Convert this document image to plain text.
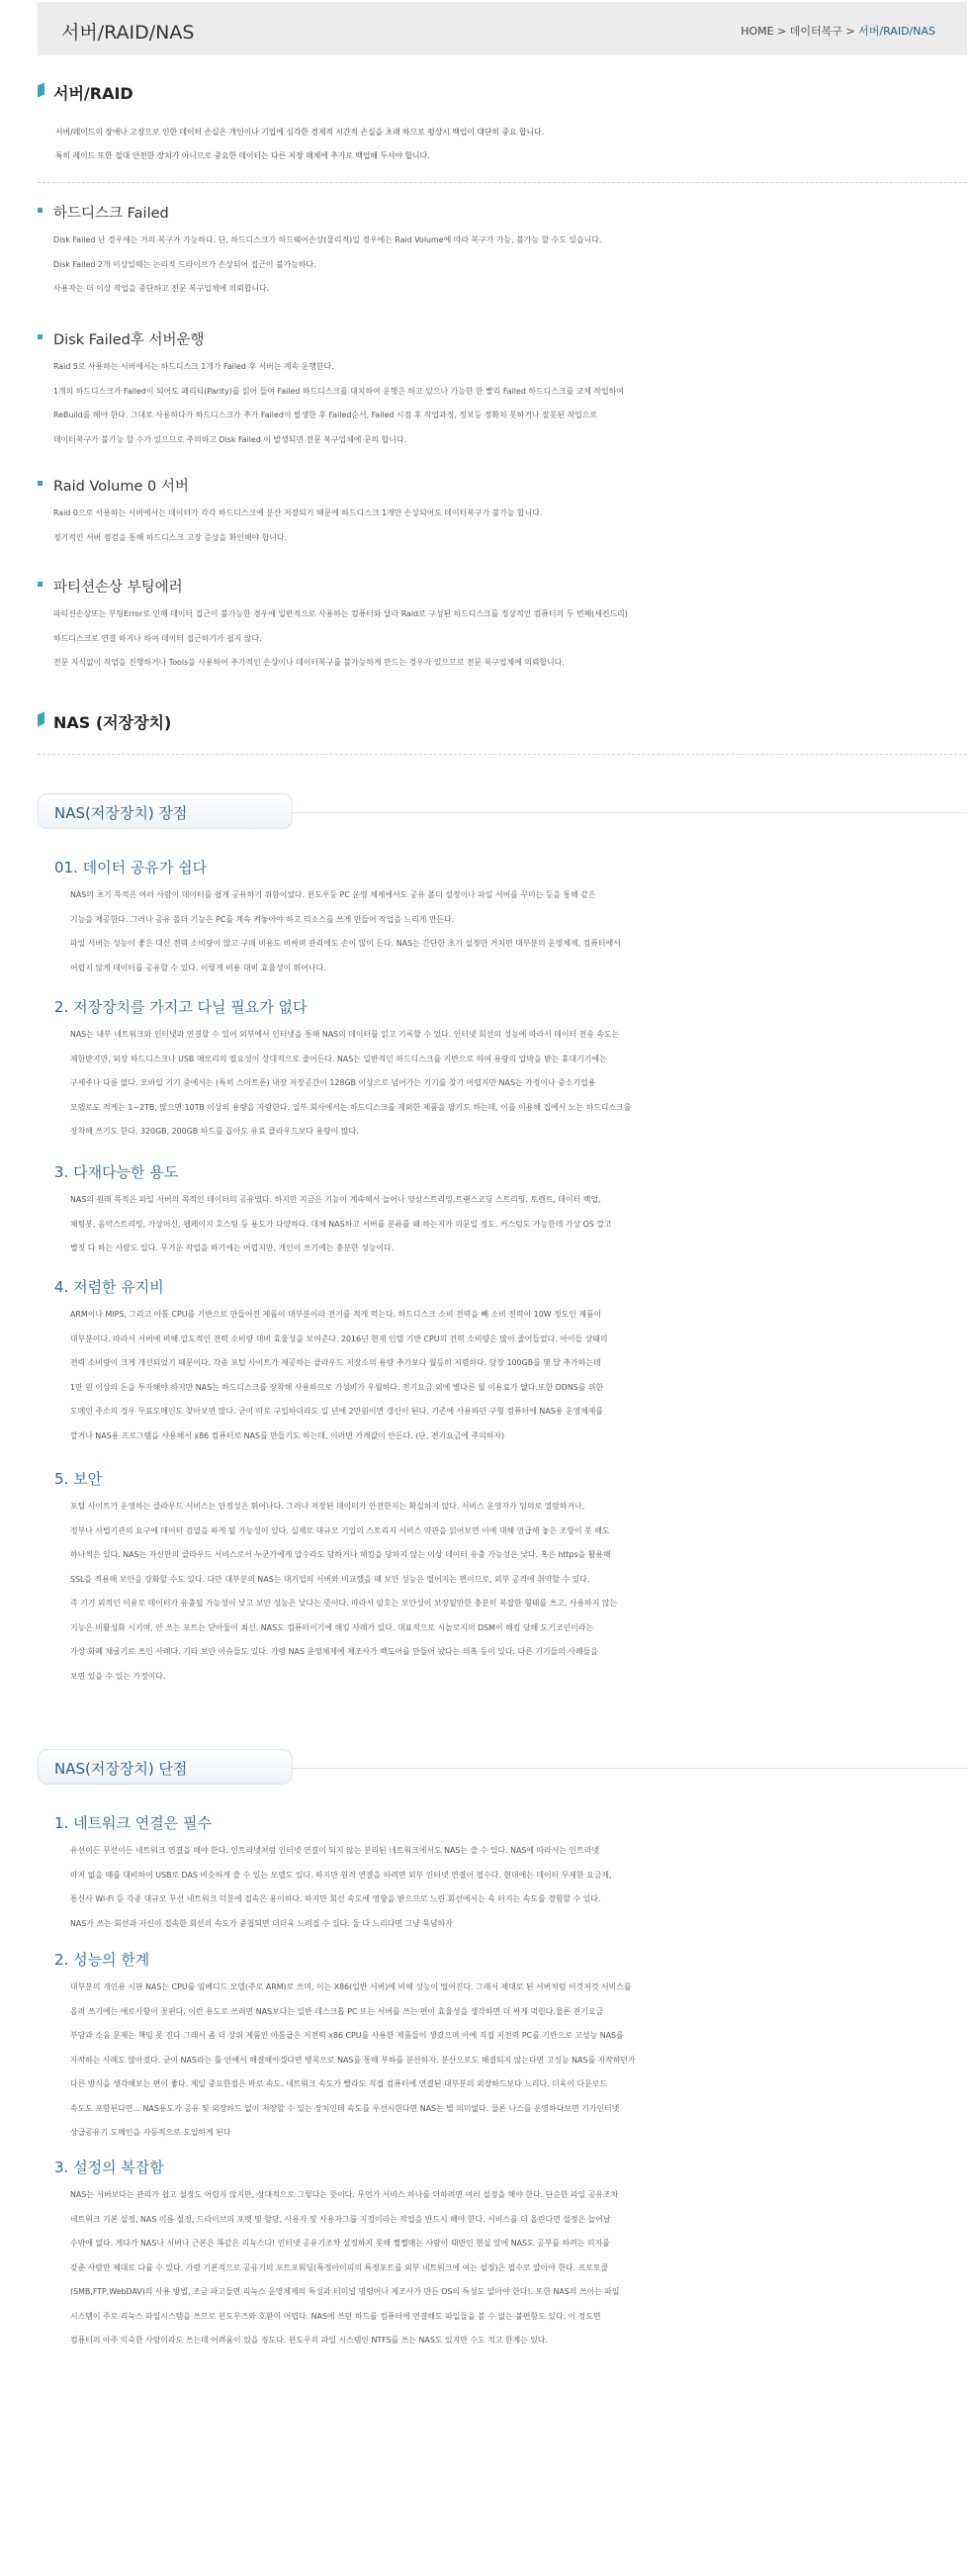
서버/RAID/NAS	HOME > 데이터복구 > 서버/RAID/NAS
서버/RAID
서버/레이드의 장애나 고장으로 인한 데이터 손실은 개인이나 기업에 심각한 경제적 시간적 손실을 초래 하므로 평상시 백업이 대단히 중요 합니다.
특히 레이드 또한 절대 안전한 장치가 아니므로 중요한 데이터는 다른 저장 매체에 추가로 백업해 두셔야 합니다.
하드디스크 Failed
Disk Failed 난 경우에는 거의 복구가 가능하다. 단, 하드디스크가 하드웨어손상(물리적)일 경우에는 Raid Volume에 따라 복구가 가능, 불가능 할 수도 있습니다.
Disk Failed 2개 이상일때는 논리적 드라이브가 손상되어 접근이 불가능하다.
사용자는 더 이상 작업을 중단하고 전문 복구업체에 의뢰합니다.
Disk Failed후 서버운행
Raid 5로 사용하는 서버에서는 하드디스크 1개가 Failed 후 서버는 계속 운행한다.
1개의 하드디스크가 Failed이 되어도 패리티(Parity)를 읽어 들여 Failed 하드디스크를 대치하여 운행은 하고 있으나 가능한 한 빨리 Failed 하드디스크를 교체 작업하여
ReBuild를 해야 한다. 그대로 사용하다가 하드디스크가 추가 Failed이 발생한 후 Failed순서, Failed 시점 후 작업과정, 정보등 정확치 못하거나 잘못된 작업으로
데이터복구가 불가능 할 수가 있으므로 주의하고 Disk Failed 이 발생되면 전문 복구업체에 문의 합니다.
Raid Volume 0 서버
Raid 0으로 사용하는 서버에서는 데이터가 각각 하드디스크에 분산 저장되기 때문에 하드디스크 1개만 손상되어도 데이터복구가 불가능 합니다.
정기적인 서버 점검을 통해 하드디스크 고장 증상을 확인해야 합니다.
파티션손상 부팅에러
파티션손상또는 부팅Error로 인해 데이터 접근이 불가능한 경우에 일반적으로 사용하는 컴퓨터와 달라 Raid로 구성된 하드디스크를 정상적인 컴퓨터의 두 번째(세컨드리)
하드디스크로 연결 하거나 하여 데이터 접근하기가 쉽지 않다.
전문 지식없이 작업을 진행하거나 Tools을 사용하여 추가적인 손상이나 데이터복구를 불가능하게 만드는 경우가 있으므로 전문 복구업체에 의뢰합니다.
NAS (저장장치)
NAS(저장장치) 장점
01. 데이터 공유가 쉽다
NAS의 초기 목적은 여러 사람이 데이터를 쉽게 공유하기 위함이었다. 윈도우등 PC 운영 체제에서도 공유 폴더 설정이나 파일 서버를 꾸미는 등을 통해 같은
기능을 제공한다. 그러나 공유 폴더 기능은 PC를 계속 켜놓아야 하고 리소스를 쓰게 만들어 작업을 느리게 만든다.
파일 서버는 성능이 좋은 대신 전력 소비량이 많고 구매 비용도 비싸며 관리에도 손이 많이 든다. NAS는 간단한 초기 설정만 거치면 대부분의 운영체제, 컴퓨터에서
어렵지 않게 데이터를 공유할 수 있다. 이렇게 비용 대비 효율성이 뛰어나다.
2. 저장장치를 가지고 다닐 필요가 없다
NAS는 내부 네트워크와 인터넷과 연결할 수 있어 외부에서 인터넷을 통해 NAS의 데이터를 읽고 기록할 수 있다. 인터넷 회선의 성능에 따라서 데이터 전송 속도는
제한받지만, 외장 하드디스크나 USB 메모리의 필요성이 상대적으로 줄어든다. NAS는 일반적인 하드디스크를 기반으로 하여 용량의 압박을 받는 휴대기기에는
구세주나 다름 없다. 모바일 기기 중에서는 (특히 스마트폰) 내장 저장공간이 128GB 이상으로 넘어가는 기기를 찾기 어렵지만 NAS는 가정이나 중소기업용
모델로도 적게는 1~2TB, 많으면 10TB 이상의 용량을 자랑한다. 일부 회사에서는 하드디스크를 제외한 제품을 팔기도 하는데, 이를 이용해 집에서 노는 하드디스크를
장착해 쓰기도 한다. 320GB, 200GB 하드를 꼽아도 유료 클라우드보다 용량이 많다.
3. 다재다능한 용도
NAS의 원래 목적은 파일 서버의 목적인 데이터의 공유였다. 하지만 지금은 기능이 계속해서 늘어나 영상스트리밍,트랜스코딩 스트리밍. 토렌트, 데이터 백업,
채팅봇, 음악스트리밍, 가상머신, 웹페이지 호스팅 등 용도가 다양하다. 대체 NAS하고 서버를 분류를 왜 하는지가 의문일 정도. 커스텀도 가능한데 가상 OS 깔고
별짓 다 하는 사람도 있다. 무거운 작업을 하기에는 어렵지만, 개인이 쓰기에는 충분한 성능이다.
4. 저렴한 유지비
ARM이나 MIPS, 그리고 아톰 CPU를 기반으로 만들어진 제품이 대부분이라 전기를 적게 먹는다. 하드디스크 소비 전력을 빼 소비 전력이 10W 정도인 제품이
대부분이다. 따라서 서버에 비해 압도적인 전력 소비량 대비 효율성을 보여준다. 2016년 현재 인텔 기반 CPU의 전력 소비량은 많이 줄어들었다. 아이들 상태의
전력 소비량이 크게 개선되었기 때문이다. 각종 포털 사이트가 제공하는 클라우드 저장소의 용량 추가보다 월등히 저렴하다. 당장 100GB를 몇 달 추가하는데
1만 원 이상의 돈을 투자해야 하지만 NAS는 하드디스크를 장착해 사용하므로 가성비가 우월하다. 전기요금 외에 별다른 월 이용료가 없다.또한 DDNS를 위한
도메인 주소의 경우 무료도메인도 찾아보면 많다. 굳이 따로 구입하더라도 일 년에 2만원이면 갱신이 된다. 기존에 사용하던 구형 컴퓨터에 NAS용 운영체제를
깔거나 NAS용 프로그램을 사용해서 x86 컴퓨터로 NAS를 만들기도 하는데, 이러면 가계값이 안든다. (단, 전기요금에 주의하자)
5. 보안
포털 사이트가 운영하는 클라우드 서비스는 안정성은 뛰어나다. 그러나 저장된 데이터가 안전한지는 확실하지 않다. 서비스 운영자가 임의로 열람하거나,
정부나 사법기관의 요구에 데이터 검열을 하게 될 가능성이 있다. 실제로 대규모 기업의 스토리지 서비스 약관을 읽어보면 이에 대해 언급해 놓은 조항이 못 해도
하나씩은 있다. NAS는 자신만의 클라우드 서비스로서 누군가에게 압수라도 당하거나 해킹을 당하지 않는 이상 데이터 유출 가능성은 낮다. 혹은 https을 활용해
SSL을 적용해 보안을 강화할 수도 있다. 다만 대부분의 NAS는 대기업의 서버와 비교했을 때 보안 성능은 떨어지는 편이므로, 외부 공격에 취약할 수 있다.
즉 기기 외적인 이유로 데이터가 유출될 가능성이 낮고 보안 성능은 낮다는 뜻이다. 따라서 암호는 보안성이 보장될만한 충분히 복잡한 형태를 쓰고, 사용하지 않는
기능은 비활성화 시키며, 안 쓰는 포트는 닫아둘이 최선. NAS도 컴퓨터이기에 해킹 사례가 있다. 대표적으로 시놀로지의 DSM이 해킹 당해 도기코인이라는
가상 화폐 채굴기로 쓰인 사례다. 기타 보안 이슈들도 있다. 가령 NAS 운영체제에 제조사가 백도어를 만들어 놨다는 의혹 등이 있다. 다른 기기들의 사례들을
보면 있을 수 있는 가정이다.
NAS(저장장치) 단점
1. 네트워크 연결은 필수
유선이든 무선이든 네트워크 연결을 해야 한다. 인트라넷처럼 인터넷 연결이 되지 않는 분리된 네트워크에서도 NAS는 쓸 수 있다. NAS에 따라서는 인트라넷
마저 없을 때를 대비하여 USB로 DAS 비슷하게 쓸 수 있는 모델도 있다. 하지만 원격 연결을 하려면 외부 인터넷 연결이 필수다. 현대에는 데이터 무제한 요금제,
통신사 Wi-Fi 등 각종 대규모 무선 네트워크 덕분에 접속은 용이하다. 하지만 회선 속도에 영향을 받으므로 느린 회선에서는 속 터지는 속도를 경험할 수 있다.
NAS가 쓰는 회선과 자신이 접속한 회선의 속도가 중첩되면 더더욱 느려질 수 있다. 둘 다 느리다면 그냥 묵념하자
2. 성능의 한계
대부분의 개인용 시판 NAS는 CPU를 임베디드 모델(주로 ARM)로 쓰며, 이는 X86(일반 서버)에 비해 성능이 떨어진다. 그래서 제대로 된 서버처럼 이것저것 서비스를
올려 쓰기에는 애로사항이 꽃핀다. 이런 용도로 쓰려면 NAS보다는 일반 데스크톱 PC 또는 서버를 쓰는 편이 효율성을 생각하면 더 싸게 먹힌다.물론 전기요금
부담과 소음 문제는 책임 못 진다 그래서 좀 더 상위 제품인 아톰급은 저전력 x86 CPU를 사용한 제품들이 생겼으며 아예 직접 저전력 PC를 기반으로 고성능 NAS를
자작하는 사례도 많아졌다. 굳이 NAS라는 틀 안에서 해결해야겠다면 병목으로 NAS를 통해 부하를 분산하자. 분산으로도 해결되지 않는다면 고성능 NAS를 자작하던가
다른 방식을 생각해보는 편이 좋다. 제일 중요한점은 바로 속도. 네트워크 속도가 빨라도 직접 컴퓨터에 연결된 대부분의 외장하드보다 느리다. 더욱이 다운로드
속도도 포함된다면... NAS용도가 공유 및 외장하드 없이 저장할 수 있는 장치인데 속도를 우선시한다면 NAS는 별 의미없다. 물론 나스를 운영하다보면 기가인터넷
상급공유기 도메인을 자동적으로 도입하게 된다
3. 설정의 복잡함
NAS는 서버보다는 관리가 쉽고 설정도 어렵지 않지만, 상대적으로 그렇다는 뜻이다. 무언가 서비스 하나를 더하려면 여러 설정을 해야 한다. 단순한 파일 공유조차
네트워크 기본 설정, NAS 이름 설정, 드라이브의 포맷 및 할당, 사용자 및 사용자그룹 지정이라는 작업을 반드시 해야 한다. 서비스를 더 올린다면 설정은 늘어날
수밖에 없다. 게다가 NAS나 서버나 근본은 똑같은 리눅스다! 인터넷 공유기조차 설정하지 못해 쩔쩔매는 사람이 태반인 현실 앞에 NAS도 공부를 하려는 의지를
갖춘 사람만 제대로 다룰 수 있다. 가령 기본적으로 공유기의 포트포워딩(특정아이피의 특정포트를 외부 네트워크에 여는 설정)은 필수로 알아야 한다. 프로토콜
(SMB,FTP,WebDAV)의 사용 방법, 조금 파고들면 리눅스 운영체제의 특성과 터미널 명령어나 제조사가 만든 OS의 특성도 알아야 한다!. 또한 NAS의 쓰이는 파일
시스템이 주로 리눅스 파일시스템을 쓰므로 윈도우즈와 호환이 어렵다. NAS에 쓰던 하드를 컴퓨터에 연결해도 파일들을 볼 수 없는 불편함도 있다. 이 정도면
컴퓨터의 아주 익숙한 사람이라도 쓰는데 어려움이 있을 정도다. 윈도우의 파일 시스템인 NTFS를 쓰는 NAS도 있지만 수도 적고 한계는 있다.
